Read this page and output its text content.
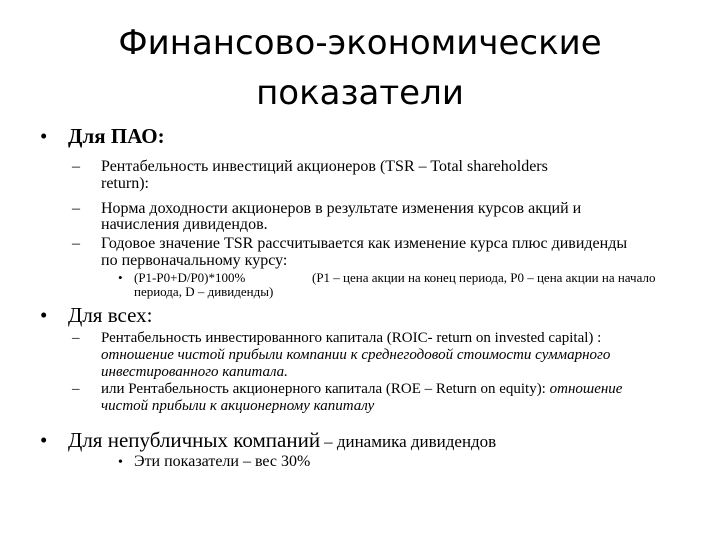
Финансово-экономические
показатели
• Для ПАО:
– Рентабельность инвестиций акционеров (TSR – Total shareholders
return):
– Норма доходности акционеров в результате изменения курсов акций и
начисления дивидендов.
– Годовое значение TSR рассчитывается как изменение курса плюс дивиденды
по первоначальному курсу:
• (P1-P0+D/P0)*100%	(P1 – цена акции на конец периода, P0 – цена акции на начало
периода, D – дивиденды)
• Для всех:
– Рентабельность инвестированного капитала (ROIC- return on invested capital) :
отношение чистой прибыли компании к среднегодовой стоимости суммарного
инвестированного капитала.
– или Рентабельность акционерного капитала (ROE – Return on equity): отношение
чистой прибыли к акционерному капиталу
• Для непубличных компаний – динамика дивидендов
• Эти показатели – вес 30%
